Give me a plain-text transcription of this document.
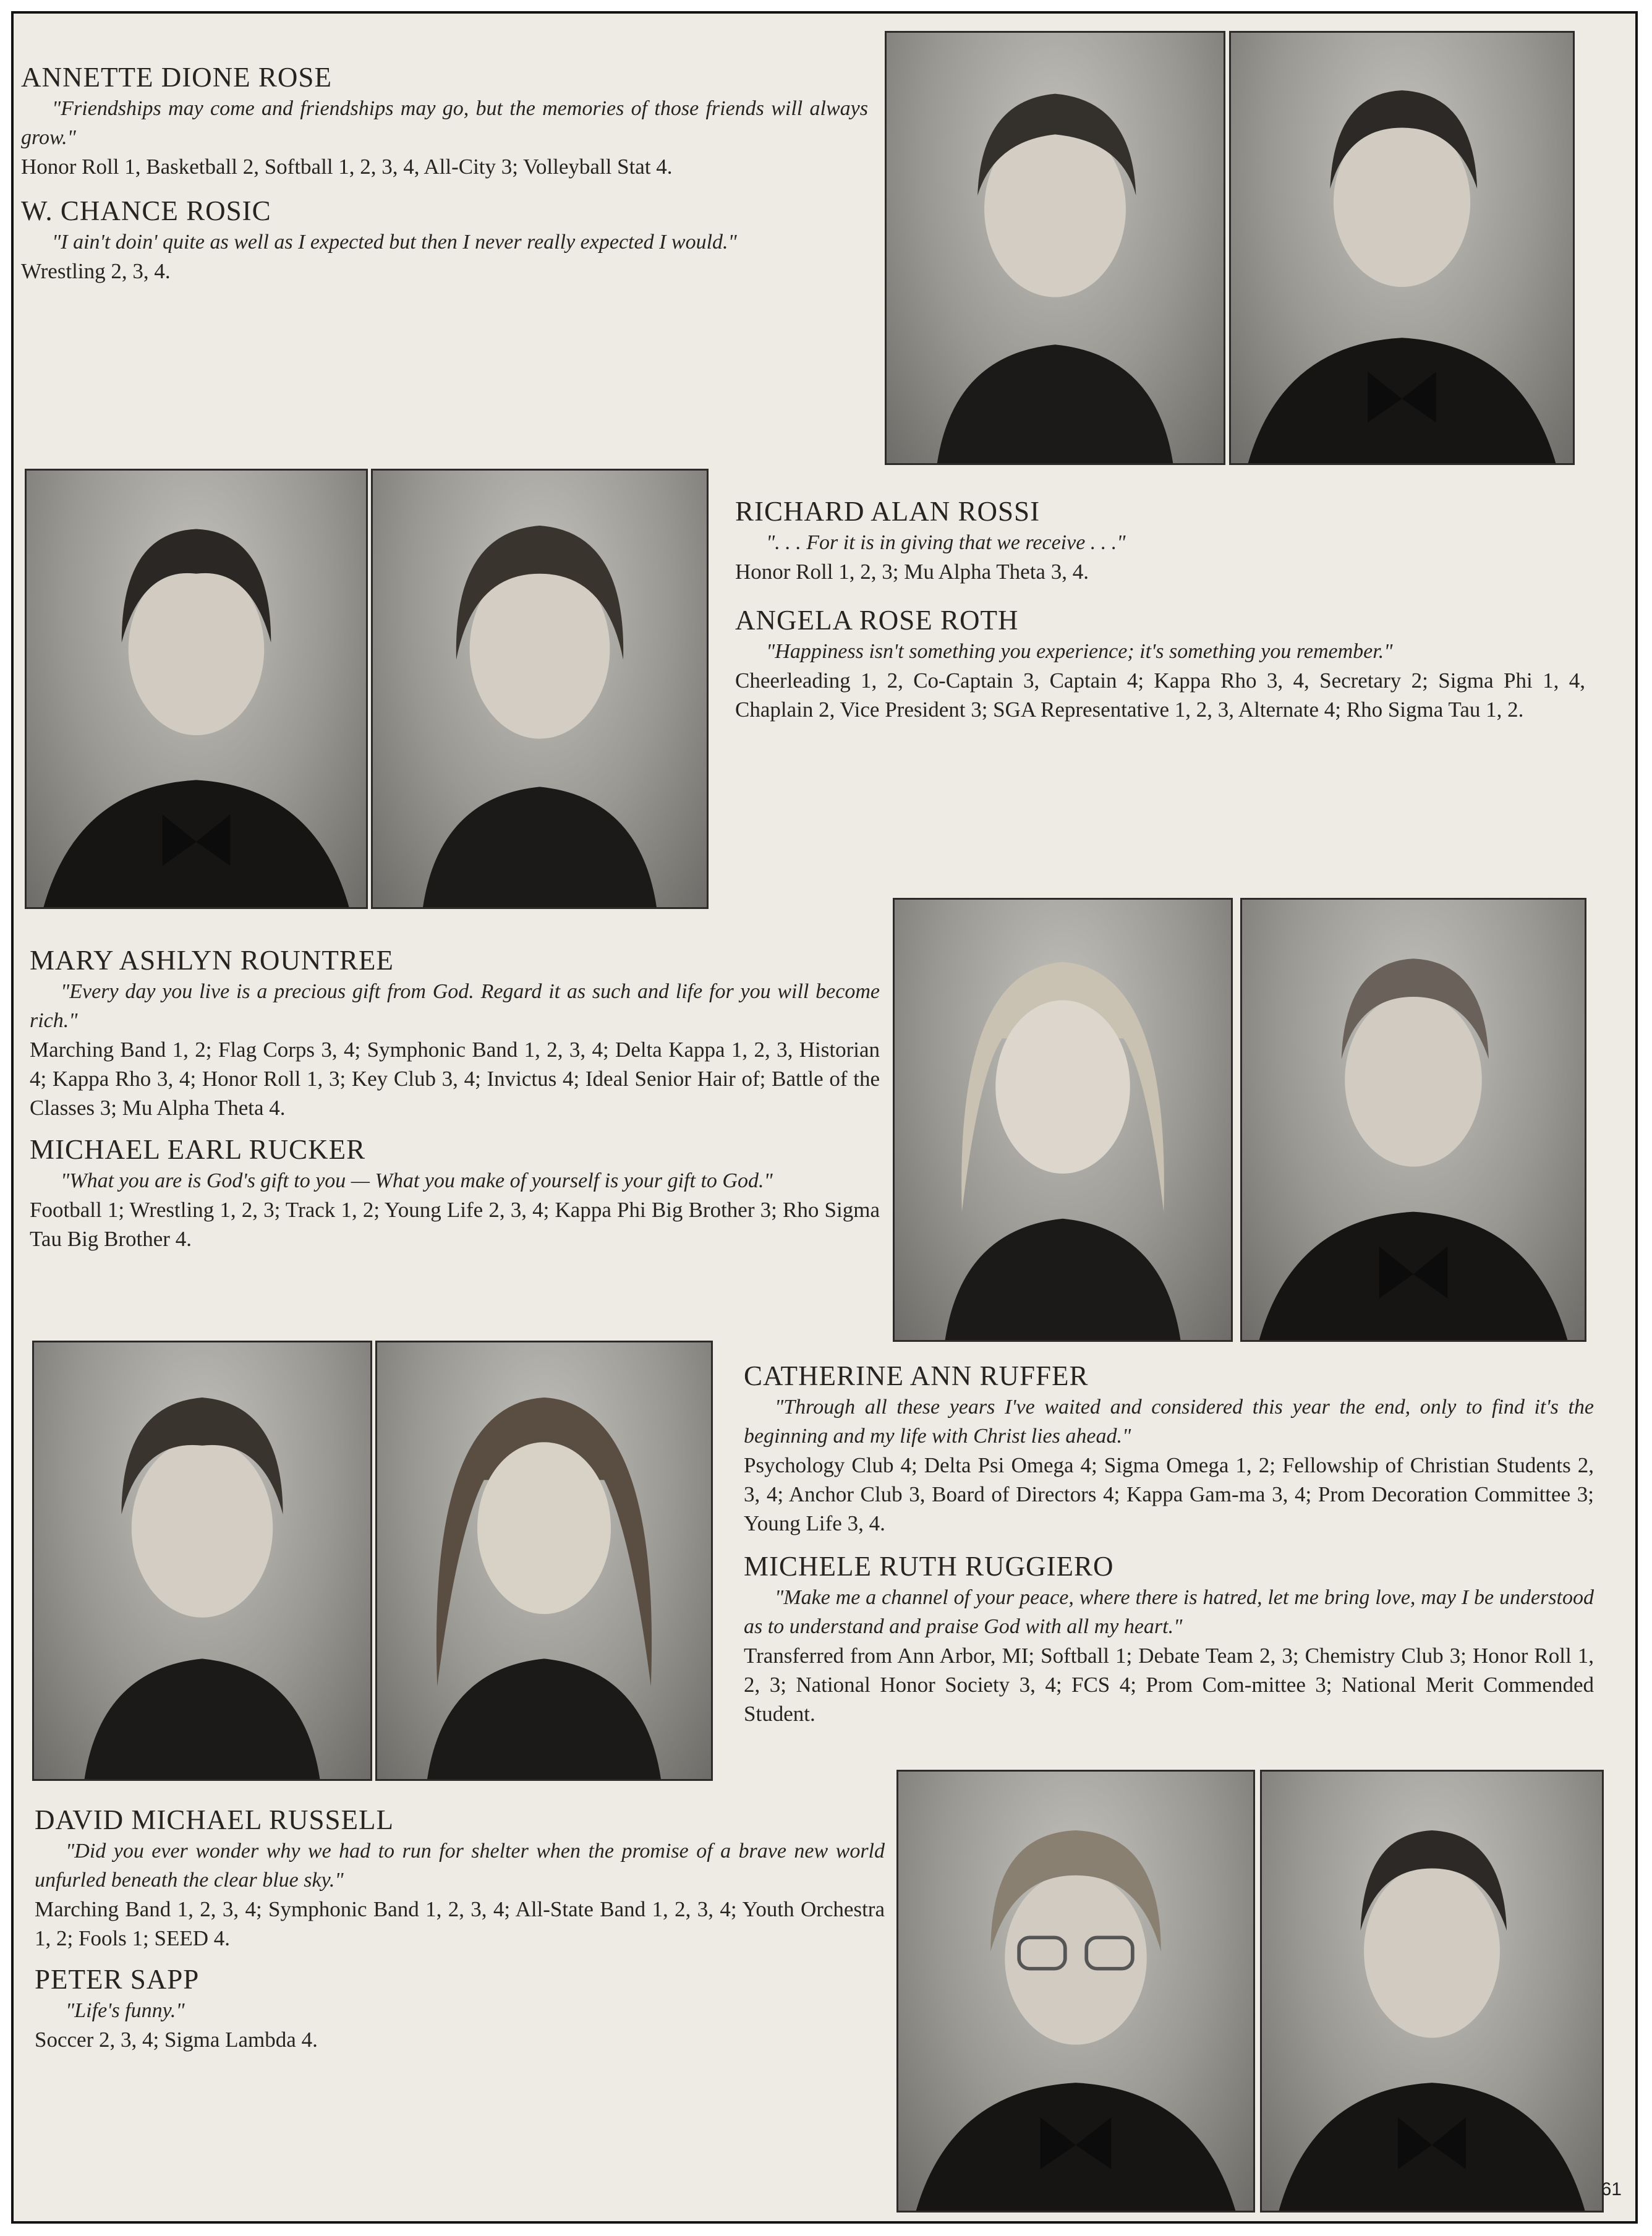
ANNETTE DIONE ROSE

"Friendships may come and friendships may go, but the memories of those friends will always grow."

Honor Roll 1, Basketball 2, Softball 1, 2, 3, 4, All-City 3; Volleyball Stat 4.

W. CHANCE ROSIC

"I ain't doin' quite as well as I expected but then I never really expected I would."

Wrestling 2, 3, 4.

RICHARD ALAN ROSSI

". . . For it is in giving that we receive . . ."

Honor Roll 1, 2, 3; Mu Alpha Theta 3, 4.

ANGELA ROSE ROTH

"Happiness isn't something you experience; it's something you remember."

Cheerleading 1, 2, Co-Captain 3, Captain 4; Kappa Rho 3, 4, Secretary 2; Sigma Phi 1, 4, Chaplain 2, Vice President 3; SGA Representative 1, 2, 3, Alternate 4; Rho Sigma Tau 1, 2.

MARY ASHLYN ROUNTREE

"Every day you live is a precious gift from God. Regard it as such and life for you will become rich."

Marching Band 1, 2; Flag Corps 3, 4; Symphonic Band 1, 2, 3, 4; Delta Kappa 1, 2, 3, Historian 4; Kappa Rho 3, 4; Honor Roll 1, 3; Key Club 3, 4; Invictus 4; Ideal Senior Hair of; Battle of the Classes 3; Mu Alpha Theta 4.

MICHAEL EARL RUCKER

"What you are is God's gift to you — What you make of yourself is your gift to God."

Football 1; Wrestling 1, 2, 3; Track 1, 2; Young Life 2, 3, 4; Kappa Phi Big Brother 3; Rho Sigma Tau Big Brother 4.

CATHERINE ANN RUFFER

"Through all these years I've waited and considered this year the end, only to find it's the beginning and my life with Christ lies ahead."

Psychology Club 4; Delta Psi Omega 4; Sigma Omega 1, 2; Fellowship of Christian Students 2, 3, 4; Anchor Club 3, Board of Directors 4; Kappa Gam-ma 3, 4; Prom Decoration Committee 3; Young Life 3, 4.

MICHELE RUTH RUGGIERO

"Make me a channel of your peace, where there is hatred, let me bring love, may I be understood as to understand and praise God with all my heart."

Transferred from Ann Arbor, MI; Softball 1; Debate Team 2, 3; Chemistry Club 3; Honor Roll 1, 2, 3; National Honor Society 3, 4; FCS 4; Prom Com-mittee 3; National Merit Commended Student.

DAVID MICHAEL RUSSELL

"Did you ever wonder why we had to run for shelter when the promise of a brave new world unfurled beneath the clear blue sky."

Marching Band 1, 2, 3, 4; Symphonic Band 1, 2, 3, 4; All-State Band 1, 2, 3, 4; Youth Orchestra 1, 2; Fools 1; SEED 4.

PETER SAPP

"Life's funny."

Soccer 2, 3, 4; Sigma Lambda 4.

61
